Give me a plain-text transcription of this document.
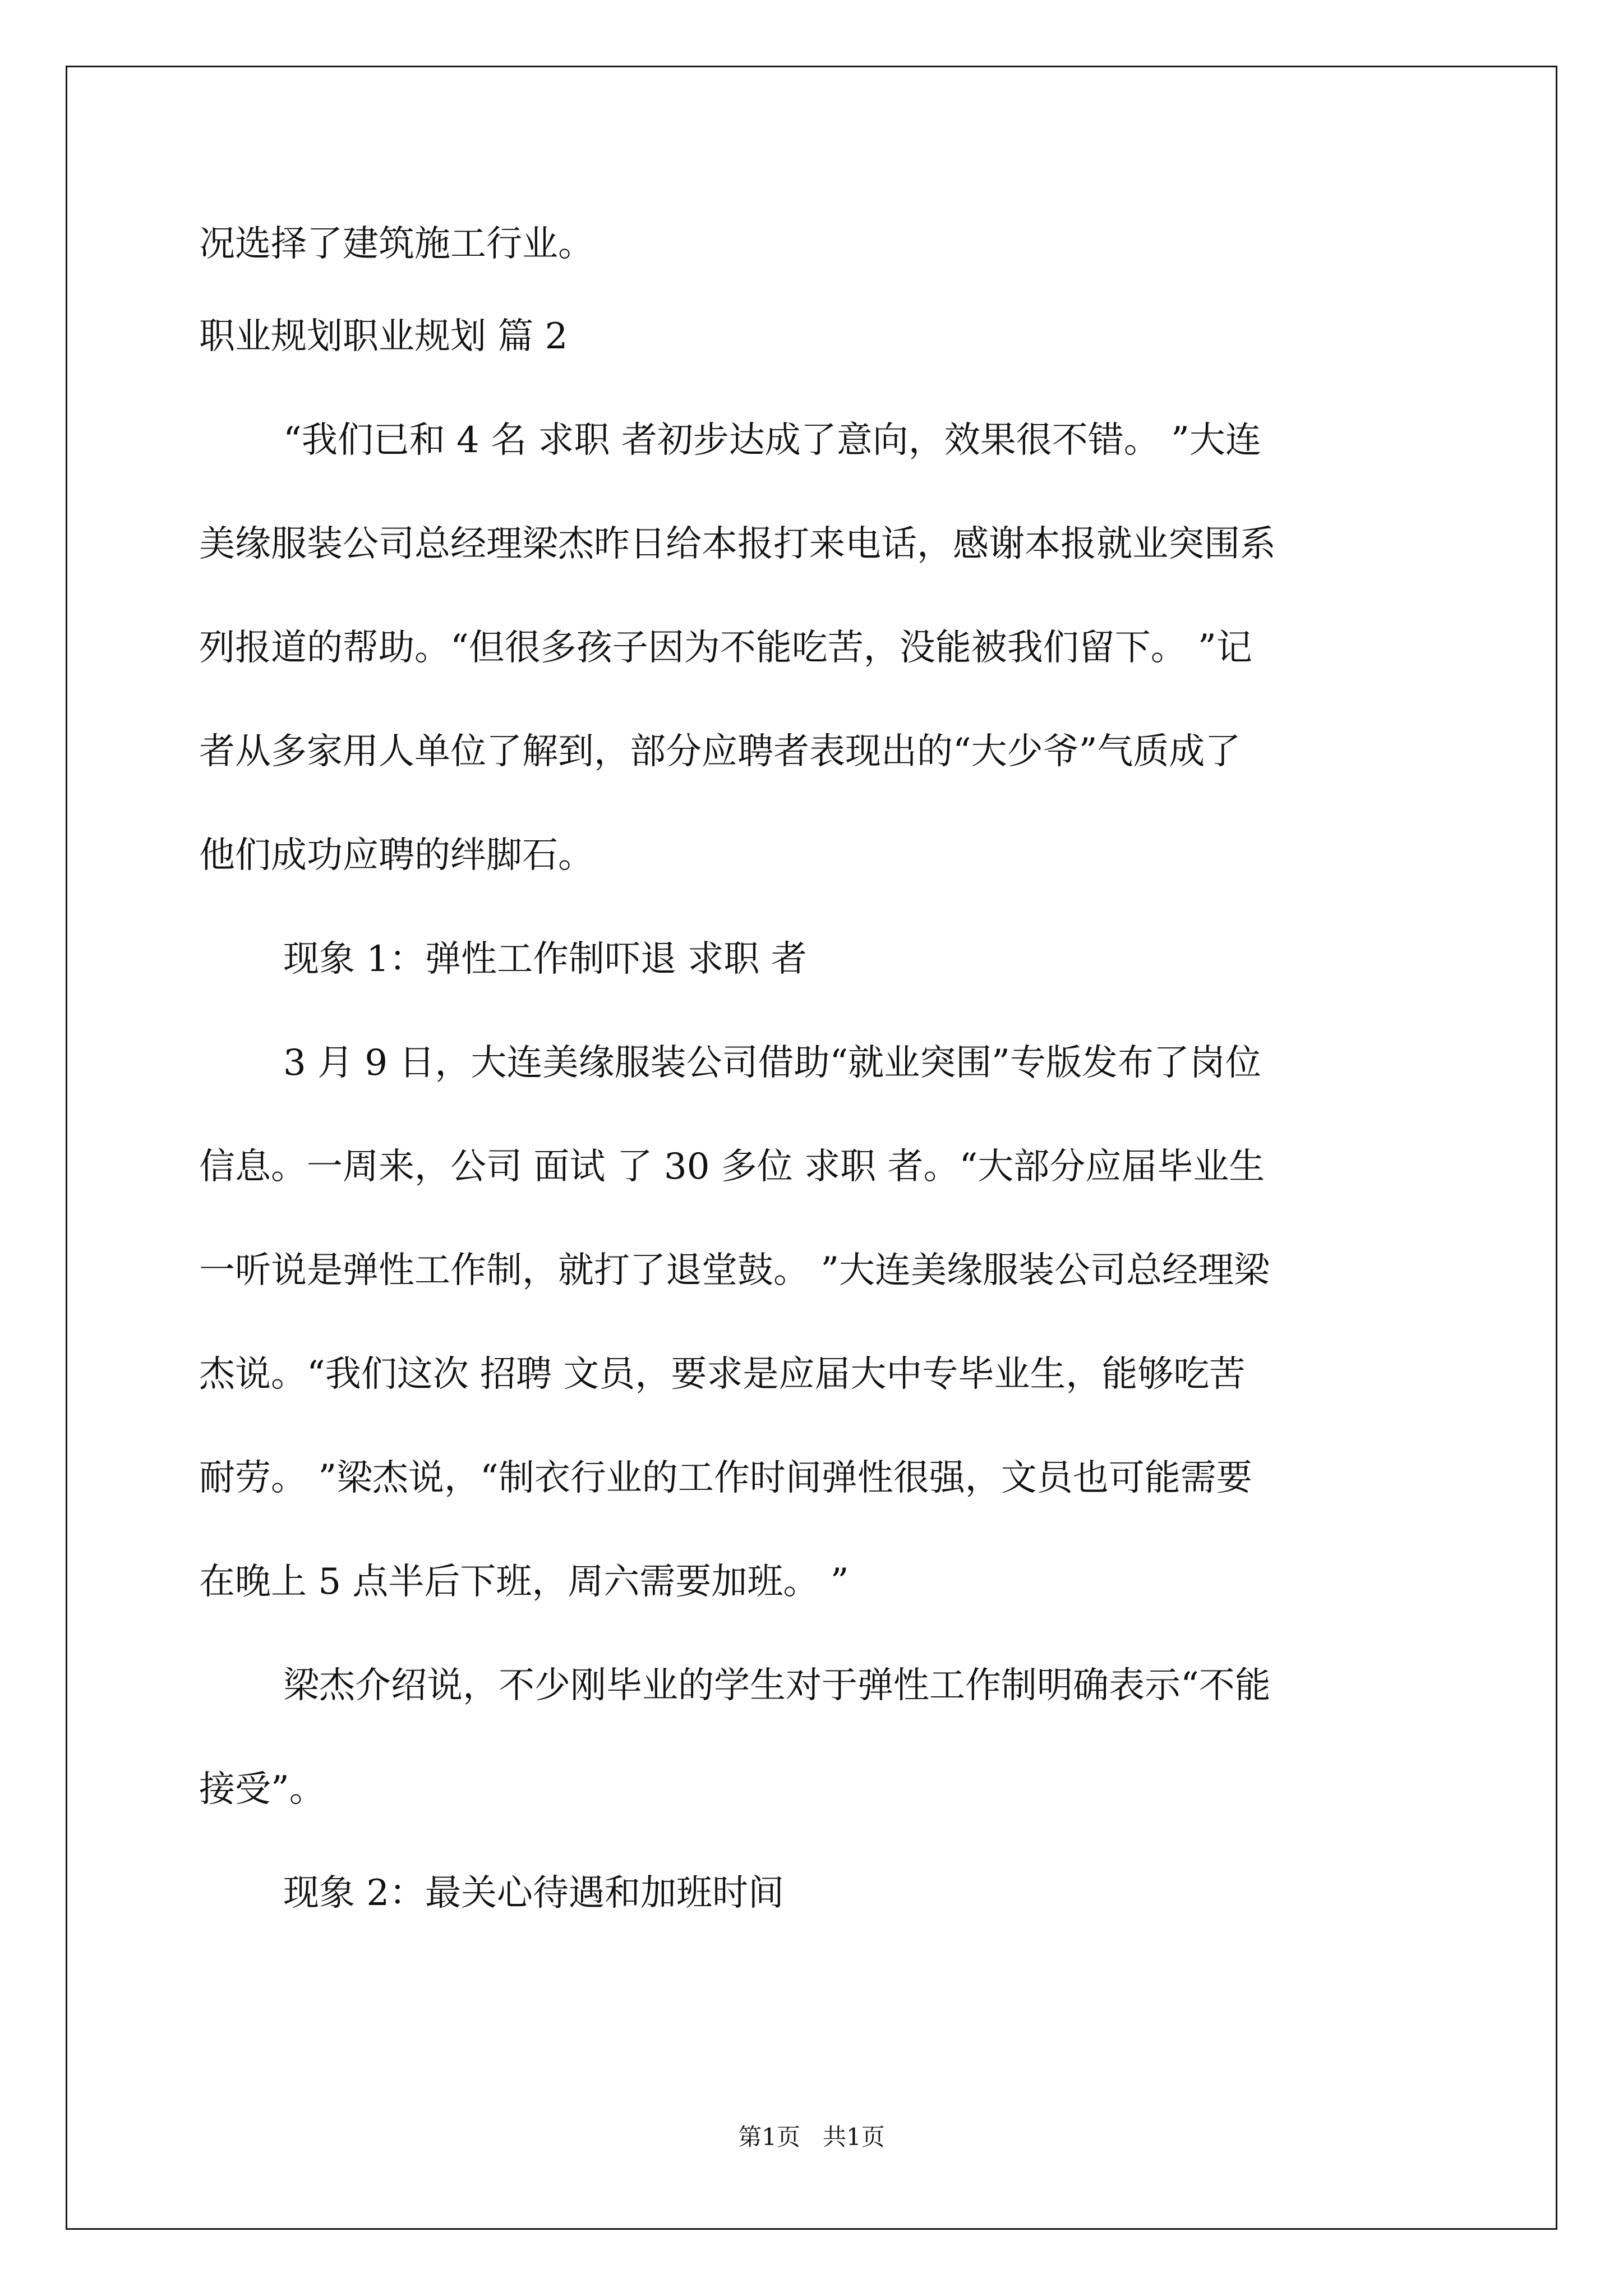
况选择了建筑施工行业。
职业规划职业规划 篇 2
“我们已和 4 名 求职 者初步达成了意向，效果很不错。 ”大连
美缘服装公司总经理梁杰昨日给本报打来电话，感谢本报就业突围系
列报道的帮助。“但很多孩子因为不能吃苦，没能被我们留下。 ”记
者从多家用人单位了解到，部分应聘者表现出的“大少爷”气质成了
他们成功应聘的绊脚石。
现象 1：弹性工作制吓退 求职 者
3 月 9 日，大连美缘服装公司借助“就业突围”专版发布了岗位
信息。一周来，公司 面试 了 30 多位 求职 者。“大部分应届毕业生
一听说是弹性工作制，就打了退堂鼓。 ”大连美缘服装公司总经理梁
杰说。“我们这次 招聘 文员，要求是应届大中专毕业生，能够吃苦
耐劳。 ”梁杰说，“制衣行业的工作时间弹性很强，文员也可能需要
在晚上 5 点半后下班，周六需要加班。 ”
梁杰介绍说，不少刚毕业的学生对于弹性工作制明确表示“不能
接受”。
现象 2：最关心待遇和加班时间
第1页   共1页
